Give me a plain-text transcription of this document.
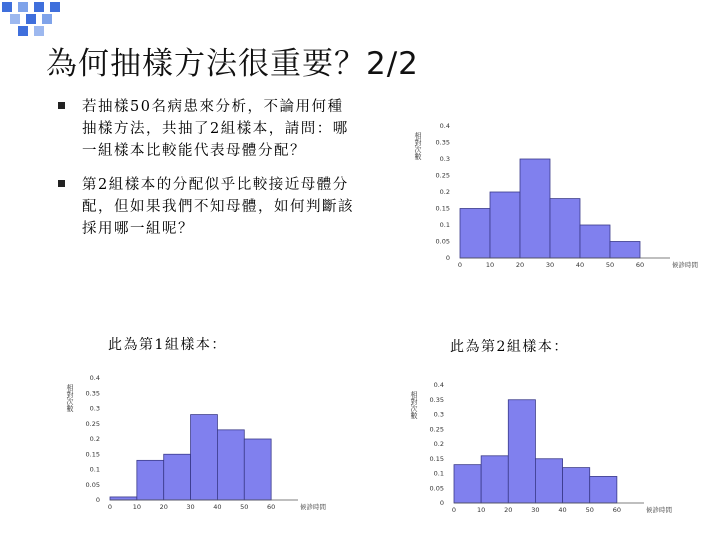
為何抽樣方法很重要？2/2
若抽樣50名病患來分析，不論用何種抽樣方法，共抽了2組樣本，請問：哪一組樣本比較能代表母體分配？
第2組樣本的分配似乎比較接近母體分配，但如果我們不知母體，如何判斷該採用哪一組呢？
此為第1組樣本：	此為第2組樣本：
0
0.05
0.1
0.15
0.2
0.25
0.3
0.35
0.4
0	10	20	30	40	50	60
相對次數
候診時間
0
0.05
0.1
0.15
0.2
0.25
0.3
0.35
0.4
0	10	20	30	40	50	60
相對次數
候診時間	0
0.05
0.1
0.15
0.2
0.25
0.3
0.35
0.4
0	10	20	30	40	50	60
相對次數
候診時間
